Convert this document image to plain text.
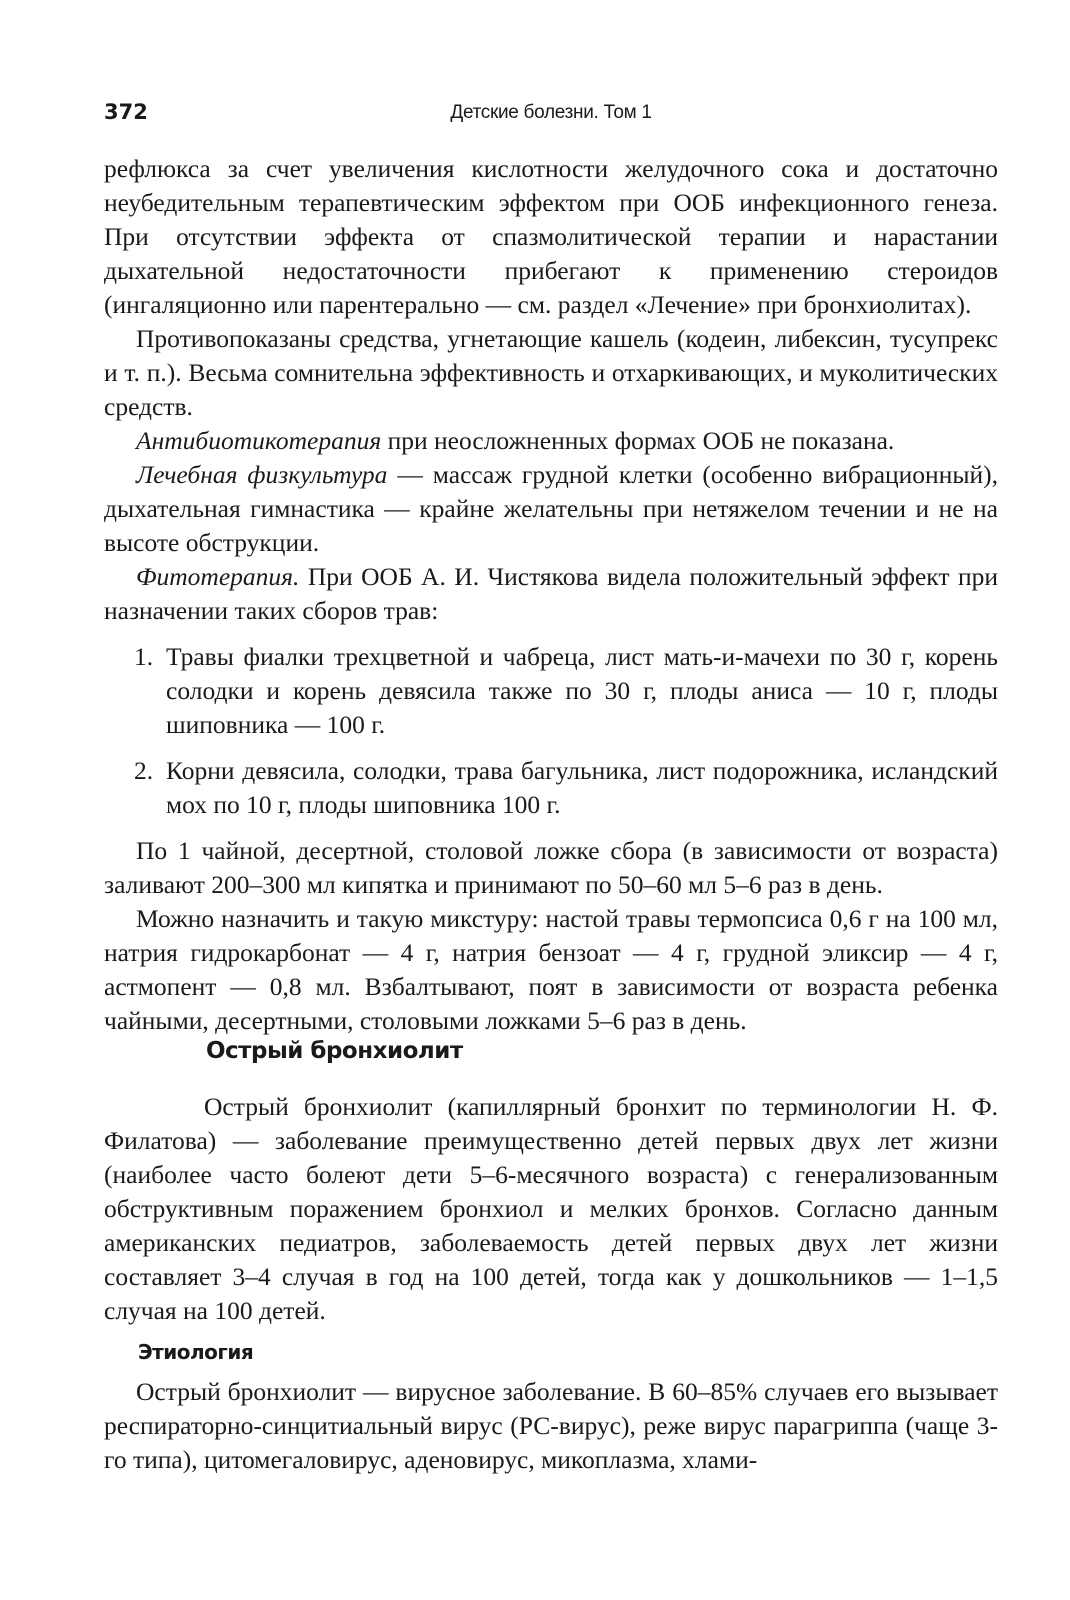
372	Детские болезни. Том 1

рефлюкса за счет увеличения кислотности желудочного сока и достаточно неубедительным терапевтическим эффектом при ООБ инфекционного генеза. При отсутствии эффекта от спазмолитической терапии и нарастании дыхательной недостаточности прибегают к применению стероидов (ингаляционно или парентерально — см. раздел «Лечение» при бронхиолитах).

Противопоказаны средства, угнетающие кашель (кодеин, либексин, тусупрекс и т. п.). Весьма сомнительна эффективность и отхаркивающих, и муколитических средств.

Антибиотикотерапия при неосложненных формах ООБ не показана.

Лечебная физкультура — массаж грудной клетки (особенно вибрационный), дыхательная гимнастика — крайне желательны при нетяжелом течении и не на высоте обструкции.

Фитотерапия. При ООБ А. И. Чистякова видела положительный эффект при назначении таких сборов трав:

1. Травы фиалки трехцветной и чабреца, лист мать-и-мачехи по 30 г, корень солодки и корень девясила также по 30 г, плоды аниса — 10 г, плоды шиповника — 100 г.
2. Корни девясила, солодки, трава багульника, лист подорожника, исландский мох по 10 г, плоды шиповника 100 г.

По 1 чайной, десертной, столовой ложке сбора (в зависимости от возраста) заливают 200–300 мл кипятка и принимают по 50–60 мл 5–6 раз в день.

Можно назначить и такую микстуру: настой травы термопсиса 0,6 г на 100 мл, натрия гидрокарбонат — 4 г, натрия бензоат — 4 г, грудной эликсир — 4 г, астмопент — 0,8 мл. Взбалтывают, поят в зависимости от возраста ребенка чайными, десертными, столовыми ложками 5–6 раз в день.

Острый бронхиолит

Острый бронхиолит (капиллярный бронхит по терминологии Н. Ф. Филатова) — заболевание преимущественно детей первых двух лет жизни (наиболее часто болеют дети 5–6-месячного возраста) с генерализованным обструктивным поражением бронхиол и мелких бронхов. Согласно данным американских педиатров, заболеваемость детей первых двух лет жизни составляет 3–4 случая в год на 100 детей, тогда как у дошкольников — 1–1,5 случая на 100 детей.

Этиология

Острый бронхиолит — вирусное заболевание. В 60–85% случаев его вызывает респираторно-синцитиальный вирус (РС-вирус), реже вирус парагриппа (чаще 3-го типа), цитомегаловирус, аденовирус, микоплазма, хлами-
